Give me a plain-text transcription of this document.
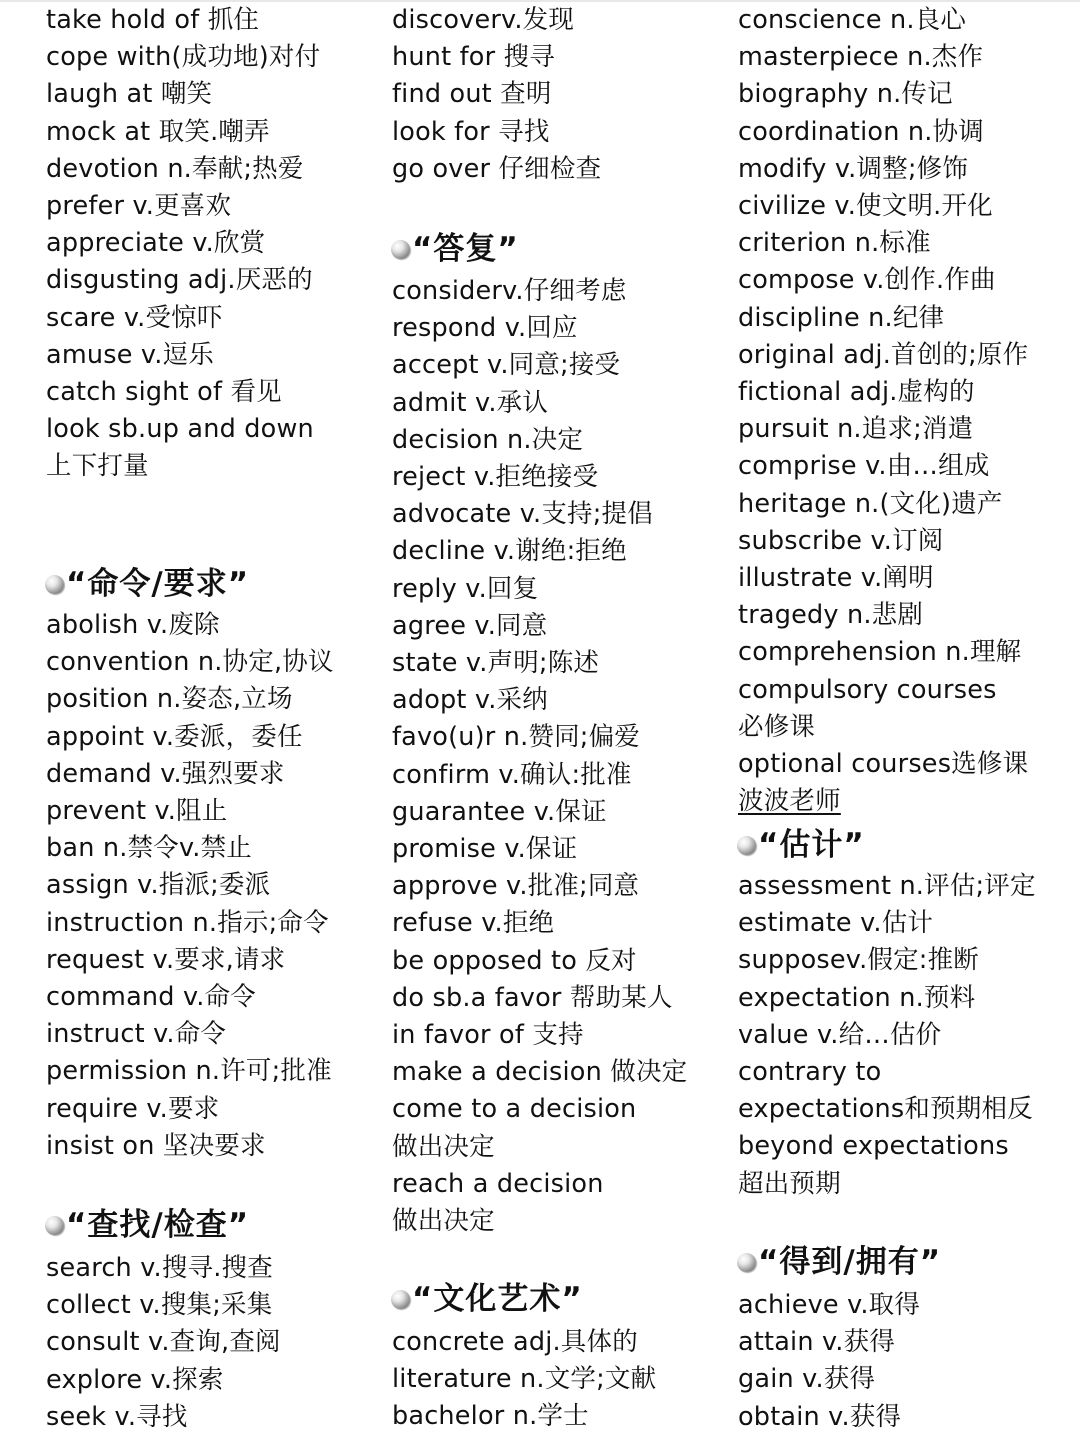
take hold of 抓住
cope with(成功地)对付
laugh at 嘲笑
mock at 取笑.嘲弄
devotion n.奉献;热爱
prefer v.更喜欢
appreciate v.欣赏
disgusting adj.厌恶的
scare v.受惊吓
amuse v.逗乐
catch sight of 看见
look sb.up and down
上下打量
“命令/要求”
abolish v.废除
convention n.协定,协议
position n.姿态,立场
appoint v.委派，委任
demand v.强烈要求
prevent v.阻止
ban n.禁令v.禁止
assign v.指派;委派
instruction n.指示;命令
request v.要求,请求
command v.命令
instruct v.命令
permission n.许可;批准
require v.要求
insist on 坚决要求
“查找/检查”
search v.搜寻.搜查
collect v.搜集;采集
consult v.查询,查阅
explore v.探索
seek v.寻找
discoverv.发现
hunt for 搜寻
find out 查明
look for 寻找
go over 仔细检查
“答复”
considerv.仔细考虑
respond v.回应
accept v.同意;接受
admit v.承认
decision n.决定
reject v.拒绝接受
advocate v.支持;提倡
decline v.谢绝:拒绝
reply v.回复
agree v.同意
state v.声明;陈述
adopt v.采纳
favo(u)r n.赞同;偏爱
confirm v.确认:批准
guarantee v.保证
promise v.保证
approve v.批准;同意
refuse v.拒绝
be opposed to 反对
do sb.a favor 帮助某人
in favor of 支持
make a decision 做决定
come to a decision
做出决定
reach a decision
做出决定
“文化艺术”
concrete adj.具体的
literature n.文学;文献
bachelor n.学士
conscience n.良心
masterpiece n.杰作
biography n.传记
coordination n.协调
modify v.调整;修饰
civilize v.使文明.开化
criterion n.标准
compose v.创作.作曲
discipline n.纪律
original adj.首创的;原作
fictional adj.虚构的
pursuit n.追求;消遣
comprise v.由…组成
heritage n.(文化)遗产
subscribe v.订阅
illustrate v.阐明
tragedy n.悲剧
comprehension n.理解
compulsory courses
必修课
optional courses选修课
波波老师
“估计”
assessment n.评估;评定
estimate v.估计
supposev.假定:推断
expectation n.预料
value v.给…估价
contrary to
expectations和预期相反
beyond expectations
超出预期
“得到/拥有”
achieve v.取得
attain v.获得
gain v.获得
obtain v.获得
